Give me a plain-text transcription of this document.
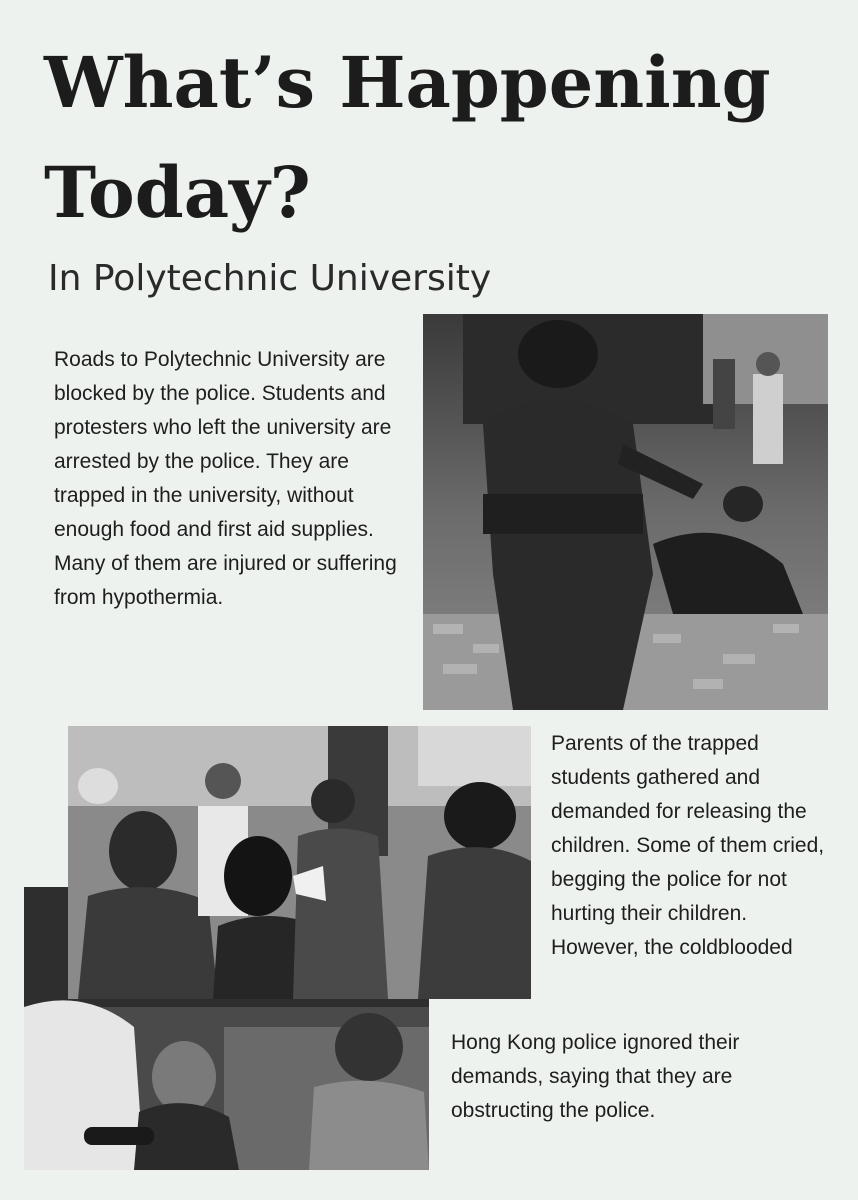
What’s Happening
Today?
In Polytechnic University

Roads to Polytechnic University are blocked by the police. Students and protesters who left the university are arrested by the police. They are trapped in the university, without enough food and first aid supplies. Many of them are injured or suffering from hypothermia.

Parents of the trapped students gathered and demanded for releasing the children. Some of them cried, begging the police for not hurting their children. However, the coldblooded

Hong Kong police ignored their demands, saying that they are obstructing the police.
